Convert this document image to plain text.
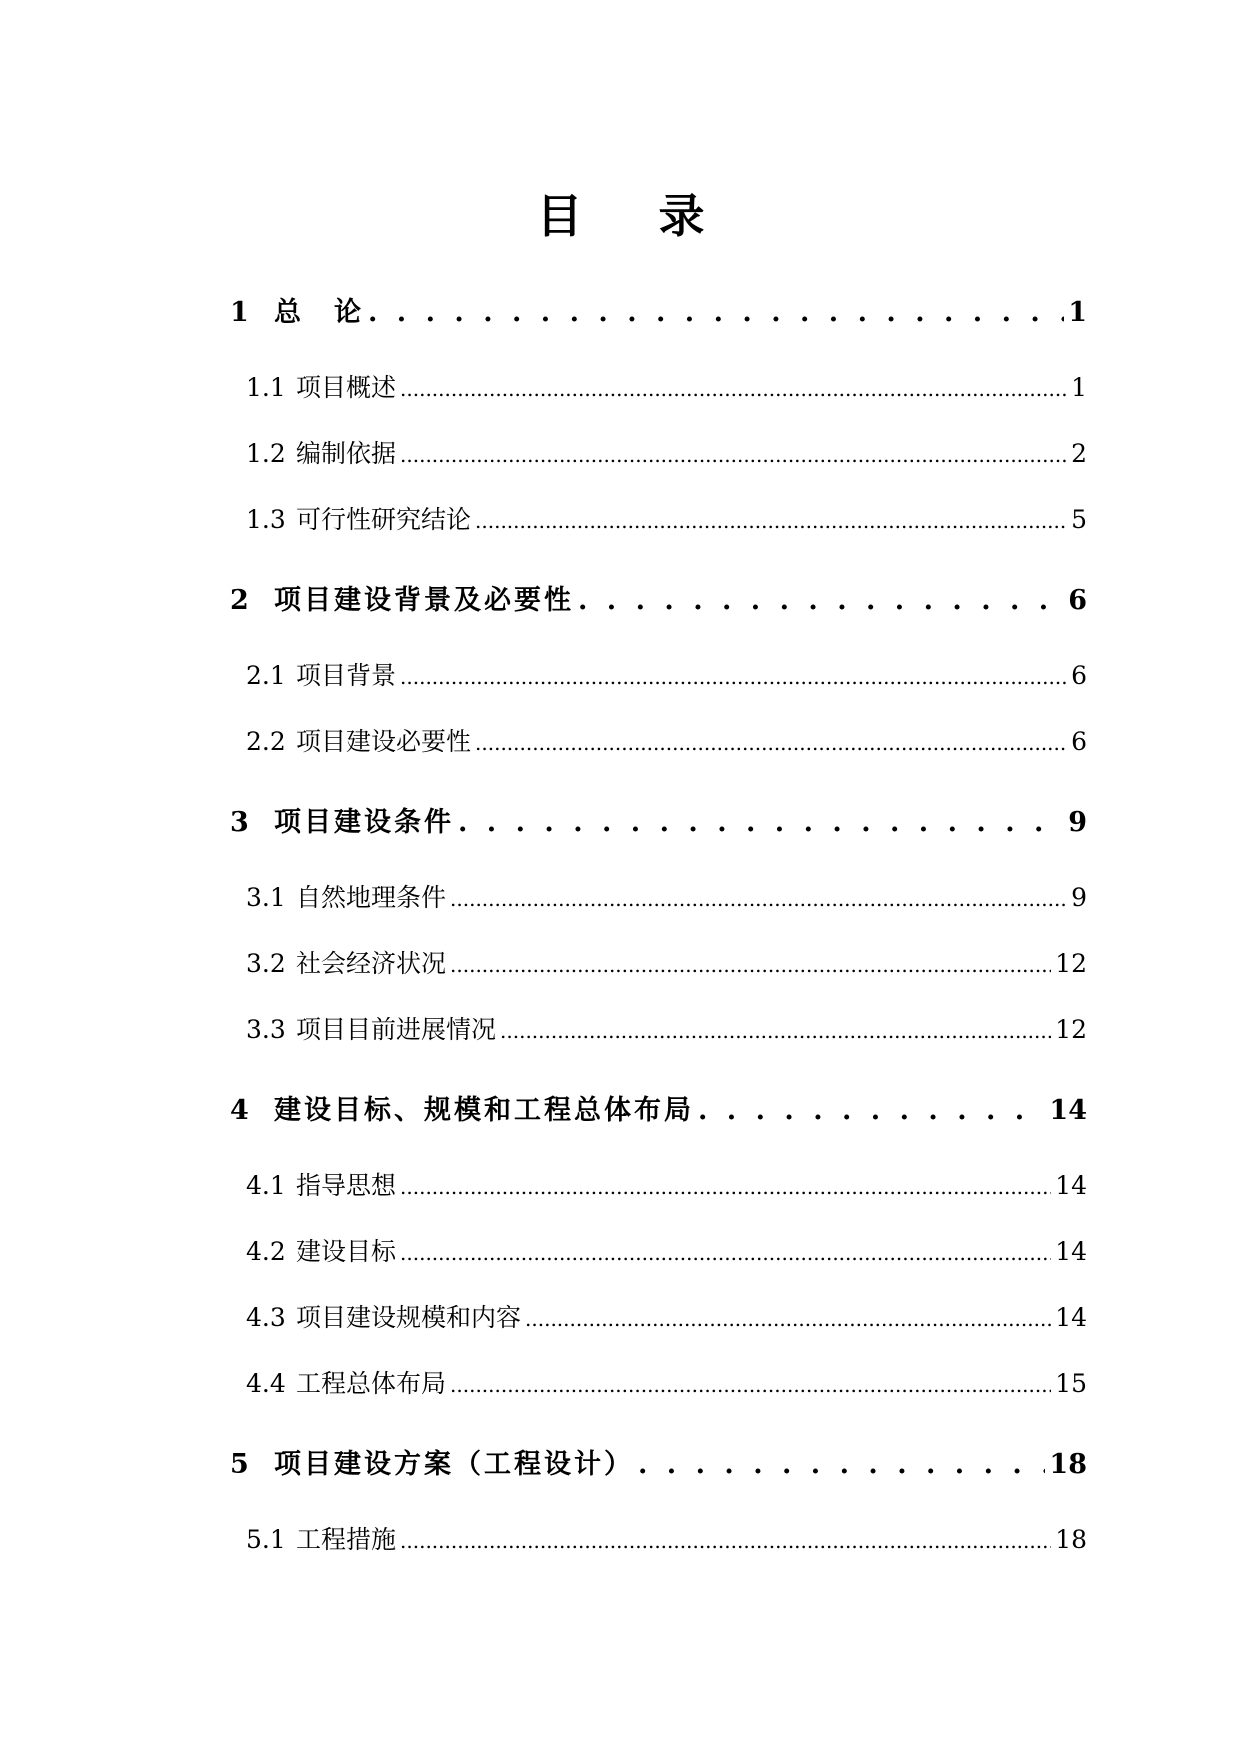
目 录
1 总　论 . . .	1
1.1 项目概述 .....	1
1.2 编制依据 .....	2
1.3 可行性研究结论 .....	5
2 项目建设背景及必要性 . . .	6
2.1 项目背景 .....	6
2.2 项目建设必要性 .....	6
3 项目建设条件 . . .	9
3.1 自然地理条件 .....	9
3.2 社会经济状况 .....	12
3.3 项目目前进展情况 .....	12
4 建设目标、规模和工程总体布局 . . .	14
4.1 指导思想 .....	14
4.2 建设目标 .....	14
4.3 项目建设规模和内容 .....	14
4.4 工程总体布局 .....	15
5 项目建设方案（工程设计） . . .	18
5.1 工程措施 .....	18
